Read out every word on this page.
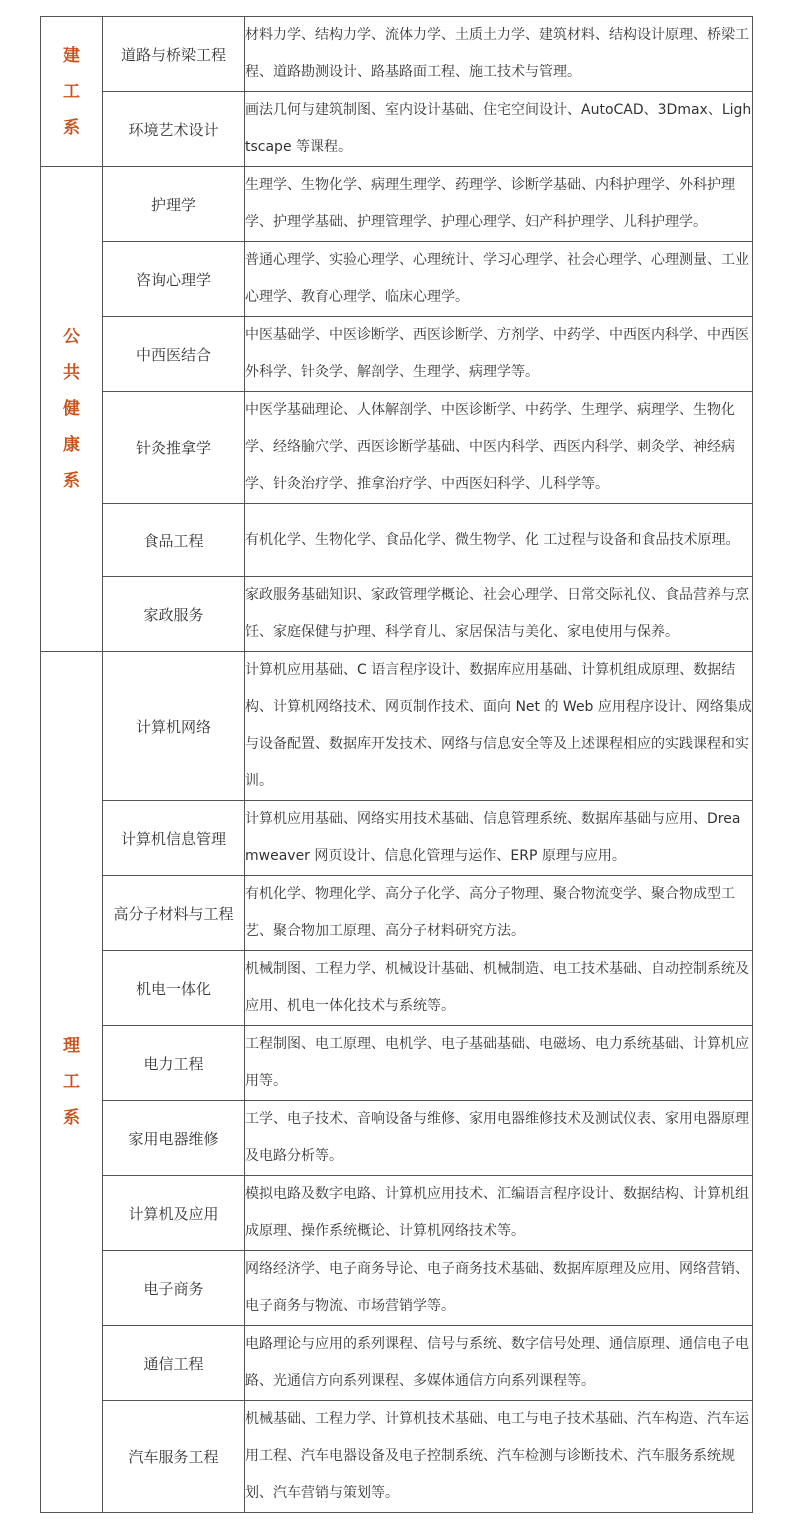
建
工
系	道路与桥梁工程	材料力学、结构力学、流体力学、土质土力学、建筑材料、结构设计原理、桥梁工程、道路勘测设计、路基路面工程、施工技术与管理。
	环境艺术设计	画法几何与建筑制图、室内设计基础、住宅空间设计、AutoCAD、3Dmax、Lightscape 等课程。

公
共
健
康
系	护理学	生理学、生物化学、病理生理学、药理学、诊断学基础、内科护理学、外科护理学、护理学基础、护理管理学、护理心理学、妇产科护理学、儿科护理学。
	咨询心理学	普通心理学、实验心理学、心理统计、学习心理学、社会心理学、心理测量、工业心理学、教育心理学、临床心理学。
	中西医结合	中医基础学、中医诊断学、西医诊断学、方剂学、中药学、中西医内科学、中西医外科学、针灸学、解剖学、生理学、病理学等。
	针灸推拿学	中医学基础理论、人体解剖学、中医诊断学、中药学、生理学、病理学、生物化学、经络腧穴学、西医诊断学基础、中医内科学、西医内科学、刺灸学、神经病学、针灸治疗学、推拿治疗学、中西医妇科学、儿科学等。
	食品工程	有机化学、生物化学、食品化学、微生物学、化 工过程与设备和食品技术原理。
	家政服务	家政服务基础知识、家政管理学概论、社会心理学、日常交际礼仪、食品营养与烹饪、家庭保健与护理、科学育儿、家居保洁与美化、家电使用与保养。

理
工
系	计算机网络	计算机应用基础、C 语言程序设计、数据库应用基础、计算机组成原理、数据结构、计算机网络技术、网页制作技术、面向 Net 的 Web 应用程序设计、网络集成与设备配置、数据库开发技术、网络与信息安全等及上述课程相应的实践课程和实训。
	计算机信息管理	计算机应用基础、网络实用技术基础、信息管理系统、数据库基础与应用、Dreamweaver 网页设计、信息化管理与运作、ERP 原理与应用。
	高分子材料与工程	有机化学、物理化学、高分子化学、高分子物理、聚合物流变学、聚合物成型工艺、聚合物加工原理、高分子材料研究方法。
	机电一体化	机械制图、工程力学、机械设计基础、机械制造、电工技术基础、自动控制系统及应用、机电一体化技术与系统等。
	电力工程	工程制图、电工原理、电机学、电子基础基础、电磁场、电力系统基础、计算机应用等。
	家用电器维修	工学、电子技术、音响设备与维修、家用电器维修技术及测试仪表、家用电器原理及电路分析等。
	计算机及应用	模拟电路及数字电路、计算机应用技术、汇编语言程序设计、数据结构、计算机组成原理、操作系统概论、计算机网络技术等。
	电子商务	网络经济学、电子商务导论、电子商务技术基础、数据库原理及应用、网络营销、电子商务与物流、市场营销学等。
	通信工程	电路理论与应用的系列课程、信号与系统、数字信号处理、通信原理、通信电子电路、光通信方向系列课程、多媒体通信方向系列课程等。
	汽车服务工程	机械基础、工程力学、计算机技术基础、电工与电子技术基础、汽车构造、汽车运用工程、汽车电器设备及电子控制系统、汽车检测与诊断技术、汽车服务系统规划、汽车营销与策划等。
